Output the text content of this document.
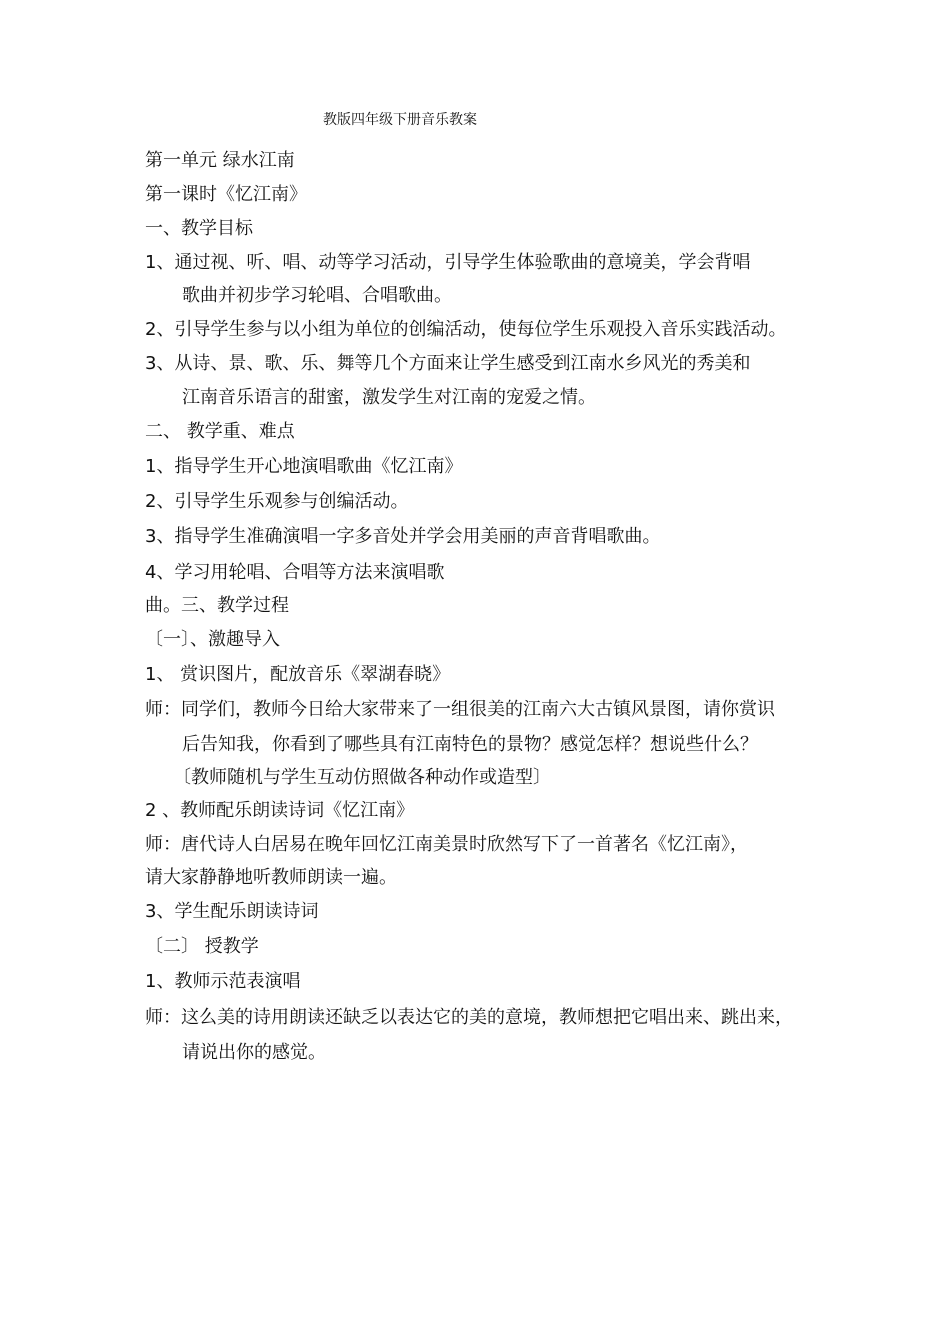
教版四年级下册音乐教案
第一单元 绿水江南
第一课时《忆江南》
一、教学目标
1、通过视、听、唱、动等学习活动，引导学生体验歌曲的意境美，学会背唱
歌曲并初步学习轮唱、合唱歌曲。
2、引导学生参与以小组为单位的创编活动，使每位学生乐观投入音乐实践活动。
3、从诗、景、歌、乐、舞等几个方面来让学生感受到江南水乡风光的秀美和
江南音乐语言的甜蜜，激发学生对江南的宠爱之情。
二、 教学重、难点
1、指导学生开心地演唱歌曲《忆江南》
2、引导学生乐观参与创编活动。
3、指导学生准确演唱一字多音处并学会用美丽的声音背唱歌曲。
4、学习用轮唱、合唱等方法来演唱歌
曲。三、教学过程
〔一〕、激趣导入
1、 赏识图片，配放音乐《翠湖春晓》
师：同学们，教师今日给大家带来了一组很美的江南六大古镇风景图，请你赏识
后告知我，你看到了哪些具有江南特色的景物？感觉怎样？想说些什么？
〔教师随机与学生互动仿照做各种动作或造型〕
2 、教师配乐朗读诗词《忆江南》
师：唐代诗人白居易在晚年回忆江南美景时欣然写下了一首著名《忆江南》，
请大家静静地听教师朗读一遍。
3、学生配乐朗读诗词
〔二〕 授教学
1、教师示范表演唱
师：这么美的诗用朗读还缺乏以表达它的美的意境，教师想把它唱出来、跳出来，
请说出你的感觉。
